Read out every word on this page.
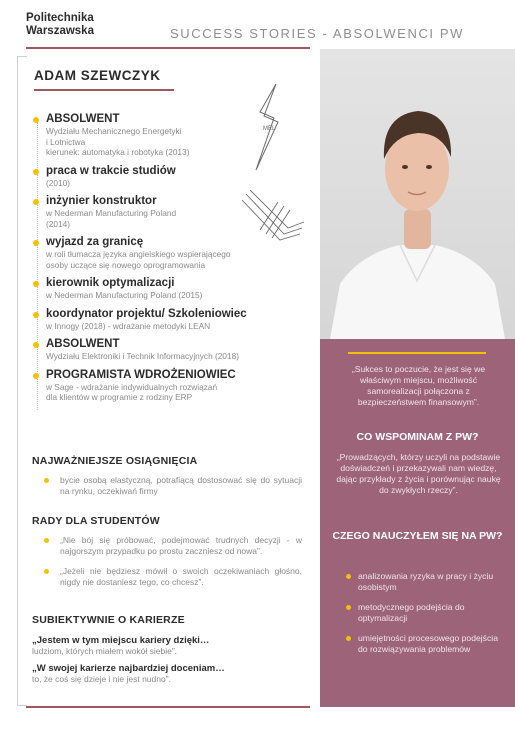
Politechnika
Warszawska	SUCCESS STORIES - ABSOLWENCI PW
ADAM SZEWCZYK
MEL
ABSOLWENT
Wydziału Mechanicznego Energetyki
i Lotnictwa
kierunek: automatyka i robotyka (2013)
praca w trakcie studiów
(2010)
inżynier konstruktor
w Nederman Manufacturing Poland
(2014)
wyjazd za granicę
w roli tłumacza języka angielskiego wspierającego
osoby uczące się nowego oprogramowania
kierownik optymalizacji
w Nederman Manufacturing Poland (2015)
koordynator projektu/ Szkoleniowiec
w Innogy (2018) - wdrażanie metodyki LEAN
ABSOLWENT
Wydziału Elektroniki i Technik Informacyjnych (2018)
PROGRAMISTA WDROŻENIOWIEC
w Sage - wdrażanie indywidualnych rozwiązań
dla klientów w programie z rodziny ERP
NAJWAŻNIEJSZE OSIĄGNIĘCIA
bycie osobą elastyczną, potrafiącą dostosować się do sytuacji na rynku, oczekiwań firmy
RADY DLA STUDENTÓW
„Nie bój się próbować, podejmować trudnych decyzji - w najgorszym przypadku po prostu zaczniesz od nowa”.
„Jeżeli nie będziesz mówił o swoich oczekiwaniach głośno, nigdy nie dostaniesz tego, co chcesz”.
SUBIEKTYWNIE O KARIERZE
„Jestem w tym miejscu kariery dzięki…
ludziom, których miałem wokół siebie”.
„W swojej karierze najbardziej doceniam…
to, że coś się dzieje i nie jest nudno”.
„Sukces to poczucie, że jest się we właściwym miejscu, możliwość samorealizacji połączona z bezpieczeństwem finansowym”.
CO WSPOMINAM Z PW?
„Prowadzących, którzy uczyli na podstawie doświadczeń i przekazywali nam wiedzę, dając przykłady z życia i porównując naukę do zwykłych rzeczy”.
CZEGO NAUCZYŁEM SIĘ NA PW?
analizowania ryzyka w pracy i życiu osobistym
metodycznego podejścia do optymalizacji
umiejętności procesowego podejścia do rozwiązywania problemów
